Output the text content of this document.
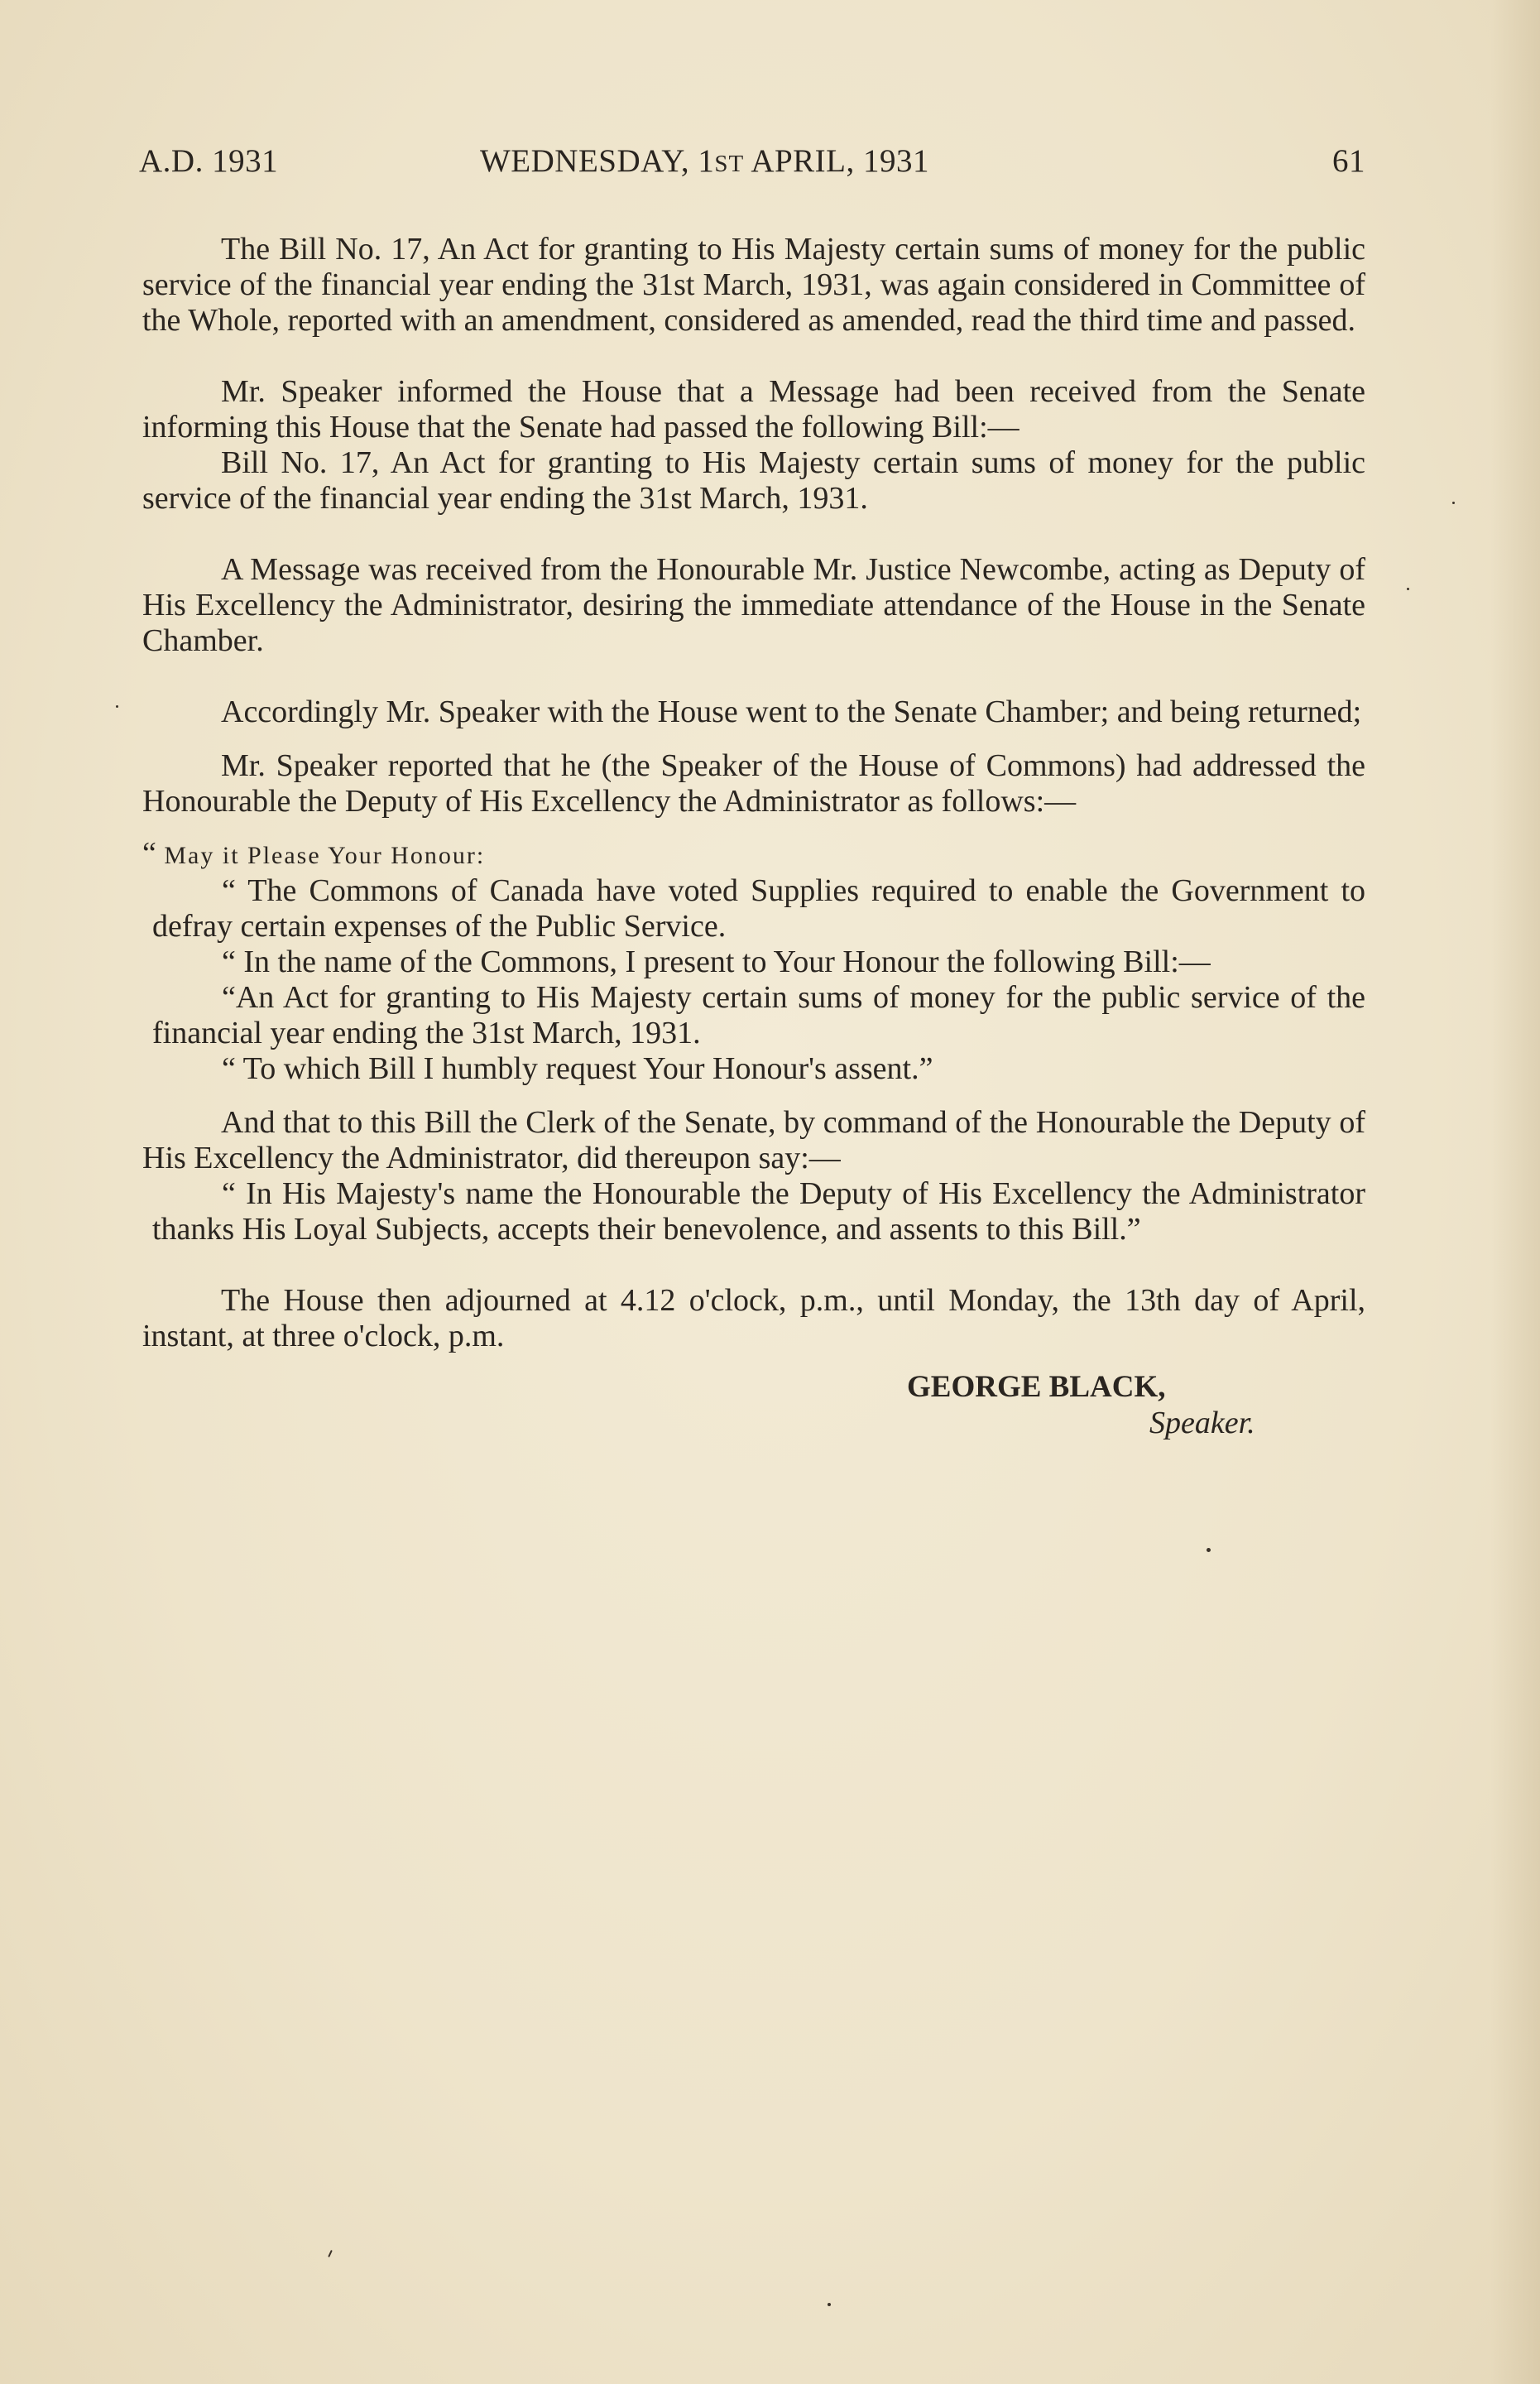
A.D. 1931	WEDNESDAY, 1ST APRIL, 1931	61

The Bill No. 17, An Act for granting to His Majesty certain sums of money for the public service of the financial year ending the 31st March, 1931, was again considered in Committee of the Whole, reported with an amendment, considered as amended, read the third time and passed.

Mr. Speaker informed the House that a Message had been received from the Senate informing this House that the Senate had passed the following Bill:—

Bill No. 17, An Act for granting to His Majesty certain sums of money for the public service of the financial year ending the 31st March, 1931.

A Message was received from the Honourable Mr. Justice Newcombe, acting as Deputy of His Excellency the Administrator, desiring the immediate attendance of the House in the Senate Chamber.

Accordingly Mr. Speaker with the House went to the Senate Chamber; and being returned;

Mr. Speaker reported that he (the Speaker of the House of Commons) had addressed the Honourable the Deputy of His Excellency the Administrator as follows:—

“ May it Please Your Honour:

“ The Commons of Canada have voted Supplies required to enable the Government to defray certain expenses of the Public Service.

“ In the name of the Commons, I present to Your Honour the following Bill:—

“An Act for granting to His Majesty certain sums of money for the public service of the financial year ending the 31st March, 1931.

“ To which Bill I humbly request Your Honour's assent.”

And that to this Bill the Clerk of the Senate, by command of the Honourable the Deputy of His Excellency the Administrator, did thereupon say:—

“ In His Majesty's name the Honourable the Deputy of His Excellency the Administrator thanks His Loyal Subjects, accepts their benevolence, and assents to this Bill.”

The House then adjourned at 4.12 o'clock, p.m., until Monday, the 13th day of April, instant, at three o'clock, p.m.

GEORGE BLACK,
Speaker.
